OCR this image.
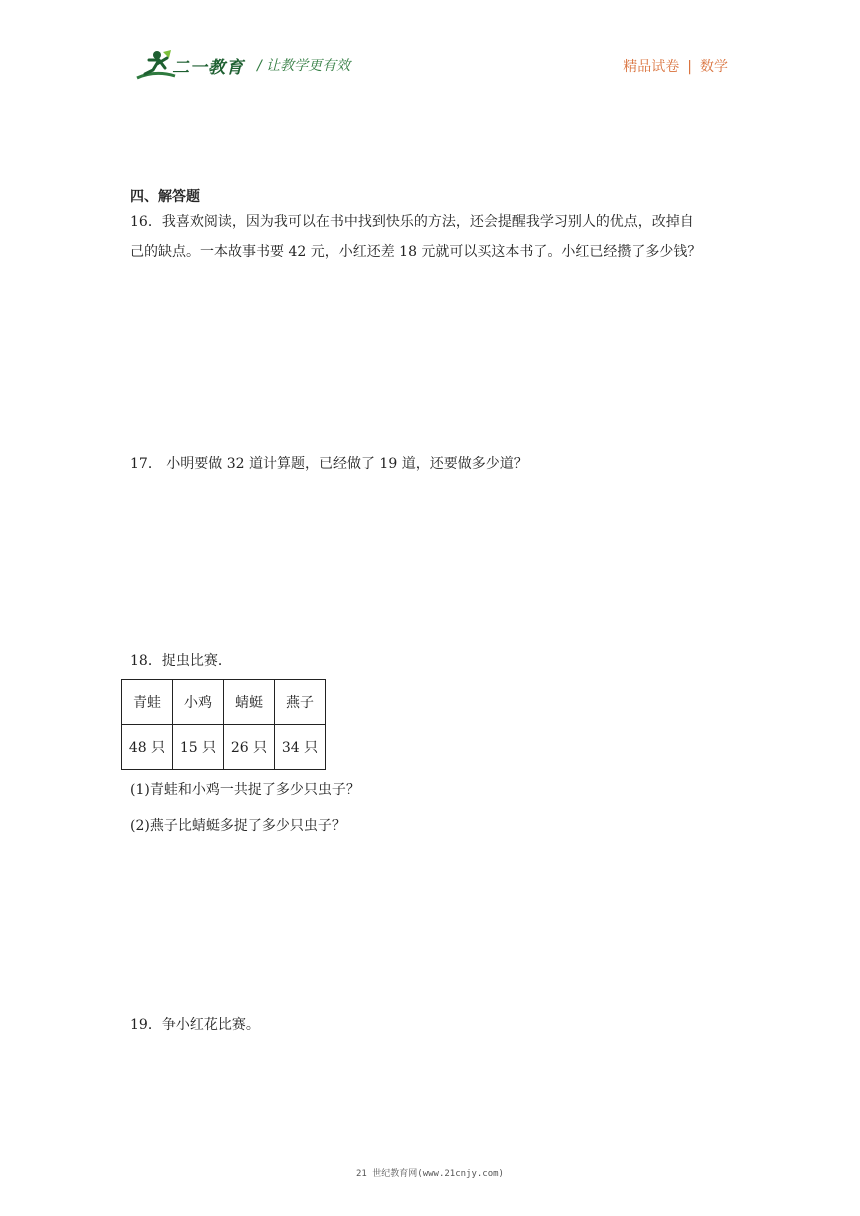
二一教育 / 让教学更有效	精品试卷 | 数学
四、解答题
16．我喜欢阅读，因为我可以在书中找到快乐的方法，还会提醒我学习别人的优点，改掉自
己的缺点。一本故事书要 42 元，小红还差 18 元就可以买这本书了。小红已经攒了多少钱？
17． 小明要做 32 道计算题，已经做了 19 道，还要做多少道？
18．捉虫比赛．
青蛙	小鸡	蜻蜓	燕子
48 只	15 只	26 只	34 只
(1)青蛙和小鸡一共捉了多少只虫子？
(2)燕子比蜻蜓多捉了多少只虫子？
19．争小红花比赛。
21 世纪教育网(www.21cnjy.com)
